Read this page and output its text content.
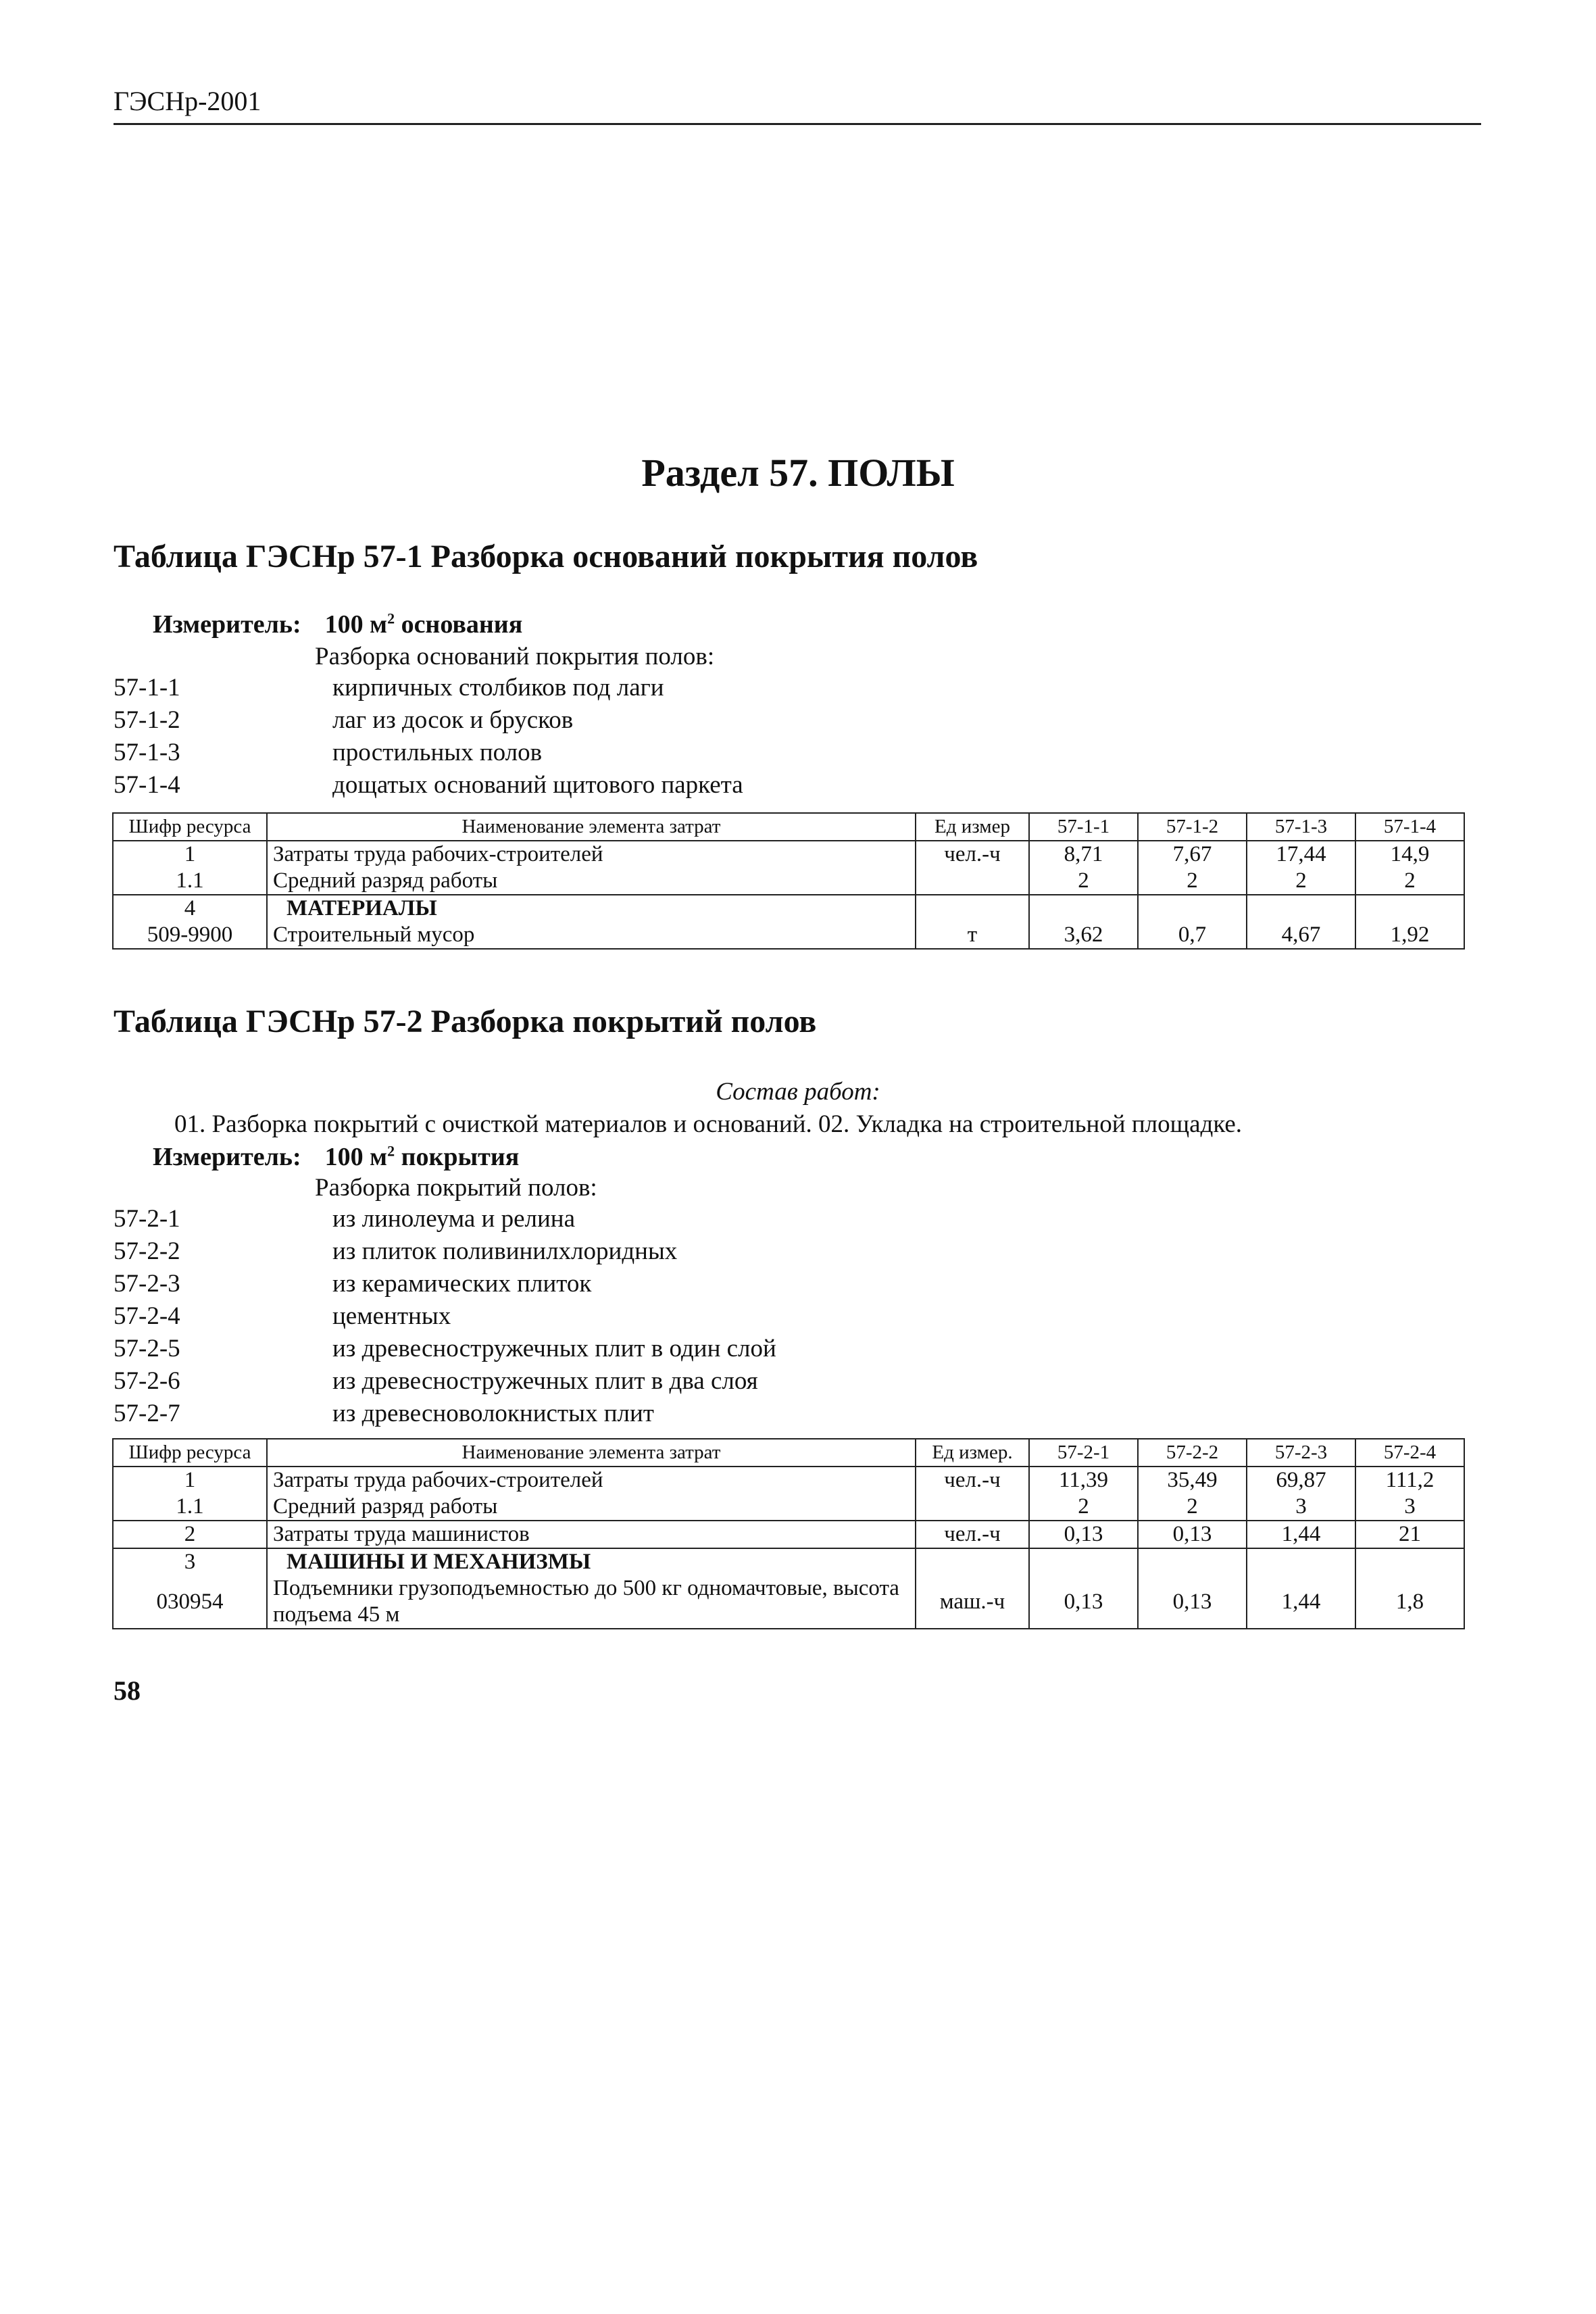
ГЭСНр-2001
Раздел 57. ПОЛЫ
Таблица ГЭСНр 57-1 Разборка оснований покрытия полов
Измеритель: 100 $м^2$ основания
Разборка оснований покрытия полов:
57-1-1	кирпичных столбиков под лаги
57-1-2	лаг из досок и брусков
57-1-3	простильных полов
57-1-4	дощатых оснований щитового паркета
Шифр ресурса	Наименование элемента затрат	Ед измер	57-1-1	57-1-2	57-1-3	57-1-4
1	Затраты труда рабочих-строителей	чел.-ч	8,71	7,67	17,44	14,9
1.1	Средний разряд работы		2	2	2	2
4	МАТЕРИАЛЫ					
509-9900	Строительный мусор	т	3,62	0,7	4,67	1,92
Таблица ГЭСНр 57-2 Разборка покрытий полов
Состав работ:
01. Разборка покрытий с очисткой материалов и оснований. 02. Укладка на строительной площадке.
Измеритель: 100 $м^2$ покрытия
Разборка покрытий полов:
57-2-1	из линолеума и релина
57-2-2	из плиток поливинилхлоридных
57-2-3	из керамических плиток
57-2-4	цементных
57-2-5	из древесностружечных плит в один слой
57-2-6	из древесностружечных плит в два слоя
57-2-7	из древесноволокнистых плит
Шифр ресурса	Наименование элемента затрат	Ед измер.	57-2-1	57-2-2	57-2-3	57-2-4
1	Затраты труда рабочих-строителей	чел.-ч	11,39	35,49	69,87	111,2
1.1	Средний разряд работы		2	2	3	3
2	Затраты труда машинистов	чел.-ч	0,13	0,13	1,44	21
3	МАШИНЫ И МЕХАНИЗМЫ					
030954	Подъемники грузоподъемностью до 500 кг одномачтовые, высота подъема 45 м	маш.-ч	0,13	0,13	1,44	1,8
58
